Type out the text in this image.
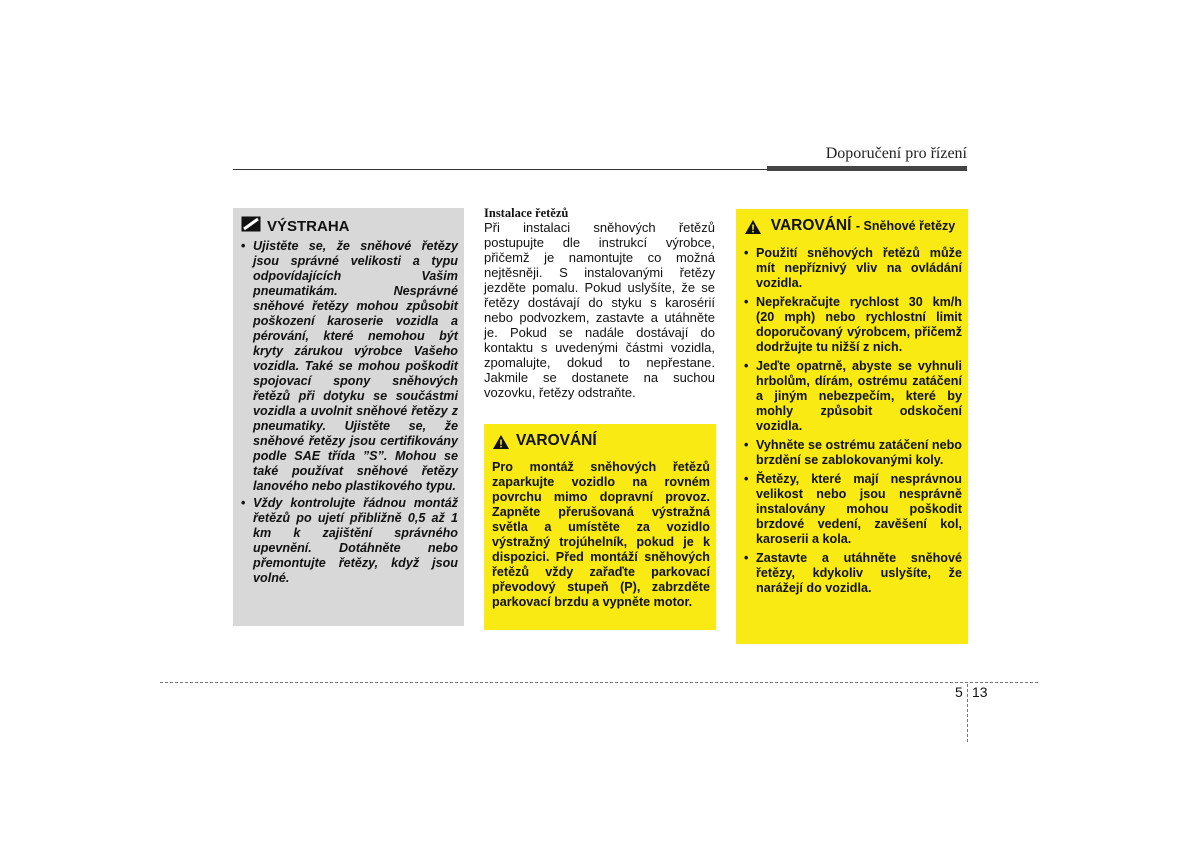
Doporučení pro řízení
VÝSTRAHA
• Ujistěte se, že sněhové řetězy jsou správné velikosti a typu odpovídajících Vašim pneumatikám. Nesprávné sněhové řetězy mohou způsobit poškození karoserie vozidla a pérování, které nemohou být kryty zárukou výrobce Vašeho vozidla. Také se mohou poškodit spojovací spony sněhových řetězů při dotyku se součástmi vozidla a uvolnit sněhové řetězy z pneumatiky. Ujistěte se, že sněhové řetězy jsou certifikovány podle SAE třída ”S”. Mohou se také používat sněhové řetězy lanového nebo plastikového typu.
• Vždy kontrolujte řádnou montáž řetězů po ujetí přibližně 0,5 až 1 km k zajištění správného upevnění. Dotáhněte nebo přemontujte řetězy, když jsou volné.
Instalace řetězů

Při instalaci sněhových řetězů postupujte dle instrukcí výrobce, přičemž je namontujte co možná nejtěsněji. S instalovanými řetězy jezděte pomalu. Pokud uslyšíte, že se řetězy dostávají do styku s karosérií nebo podvozkem, zastavte a utáhněte je. Pokud se nadále dostávají do kontaktu s uvedenými částmi vozidla, zpomalujte, dokud to nepřestane. Jakmile se dostanete na suchou vozovku, řetězy odstraňte.

VAROVÁNÍ

Pro montáž sněhových řetězů zaparkujte vozidlo na rovném povrchu mimo dopravní provoz. Zapněte přerušovaná výstražná světla a umístěte za vozidlo výstražný trojúhelník, pokud je k dispozici. Před montáží sněhových řetězů vždy zařaďte parkovací převodový stupeň (P), zabrzděte parkovací brzdu a vypněte motor.

VAROVÁNÍ - Sněhové řetězy
• Použití sněhových řetězů může mít nepříznivý vliv na ovládání vozidla.
• Nepřekračujte rychlost 30 km/h (20 mph) nebo rychlostní limit doporučovaný výrobcem, přičemž dodržujte tu nižší z nich.
• Jeďte opatrně, abyste se vyhnuli hrbolům, dírám, ostrému zatáčení a jiným nebezpečím, které by mohly způsobit odskočení vozidla.
• Vyhněte se ostrému zatáčení nebo brzdění se zablokovanými koly.
• Řetězy, které mají nesprávnou velikost nebo jsou nesprávně instalovány mohou poškodit brzdové vedení, zavěšení kol, karoserii a kola.
• Zastavte a utáhněte sněhové řetězy, kdykoliv uslyšíte, že narážejí do vozidla.
5 13
